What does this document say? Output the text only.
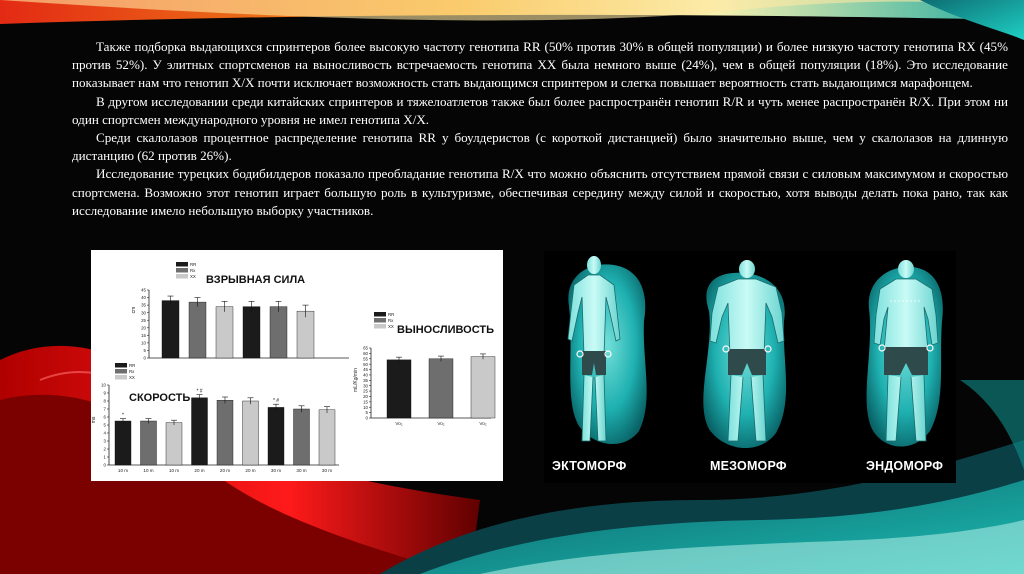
Также подборка выдающихся спринтеров более высокую частоту генотипа RR (50% против 30% в общей популяции) и более низкую частоту генотипа RX (45% против 52%). У элитных спортсменов на выносливость встречаемость генотипа XX была немного выше (24%), чем в общей популяции (18%). Это исследование показывает нам что генотип X/X почти исключает возможность стать выдающимся спринтером и слегка повышает вероятность стать выдающимся марафонцем.

В другом исследовании среди китайских спринтеров и тяжелоатлетов также был более распространён генотип R/R и чуть менее распространён R/X. При этом ни один спортсмен международного уровня не имел генотипа X/X.

Среди скалолазов процентное распределение генотипа RR у боулдеристов (с короткой дистанцией) было значительно выше, чем у скалолазов на длинную дистанцию (62 против 26%).

Исследование турецких бодибилдеров показало преобладание генотипа R/X что можно объяснить отсутствием прямой связи с силовым максимумом и скоростью спортсмена. Возможно этот генотип играет большую роль в культуризме, обеспечивая середину между силой и скоростью, хотя выводы делать пока рано, так как исследование имело небольшую выборку участников.

0
5
10
15
20
25
30
35
40
45
cm
ВЗРЫВНАЯ СИЛА
RR
Rx
XX
0
5
10
15
20
25
30
35
40
45
50
55
60
65
mL/Kg/min
ВЫНОСЛИВОСТЬ
RR
Rx
XX
Vo₂	Vo₂	Vo₂
0
1
2
3
4
5
6
7
8
9
10
ms
СКОРОСТЬ
RR
Rx
XX
*
10 m	10 m	10 m
* #
20 m	20 m	20 m
* #
30 m	30 m	30 m	ЭКТОМОРФ	МЕЗОМОРФ	ЭНДОМОРФ
